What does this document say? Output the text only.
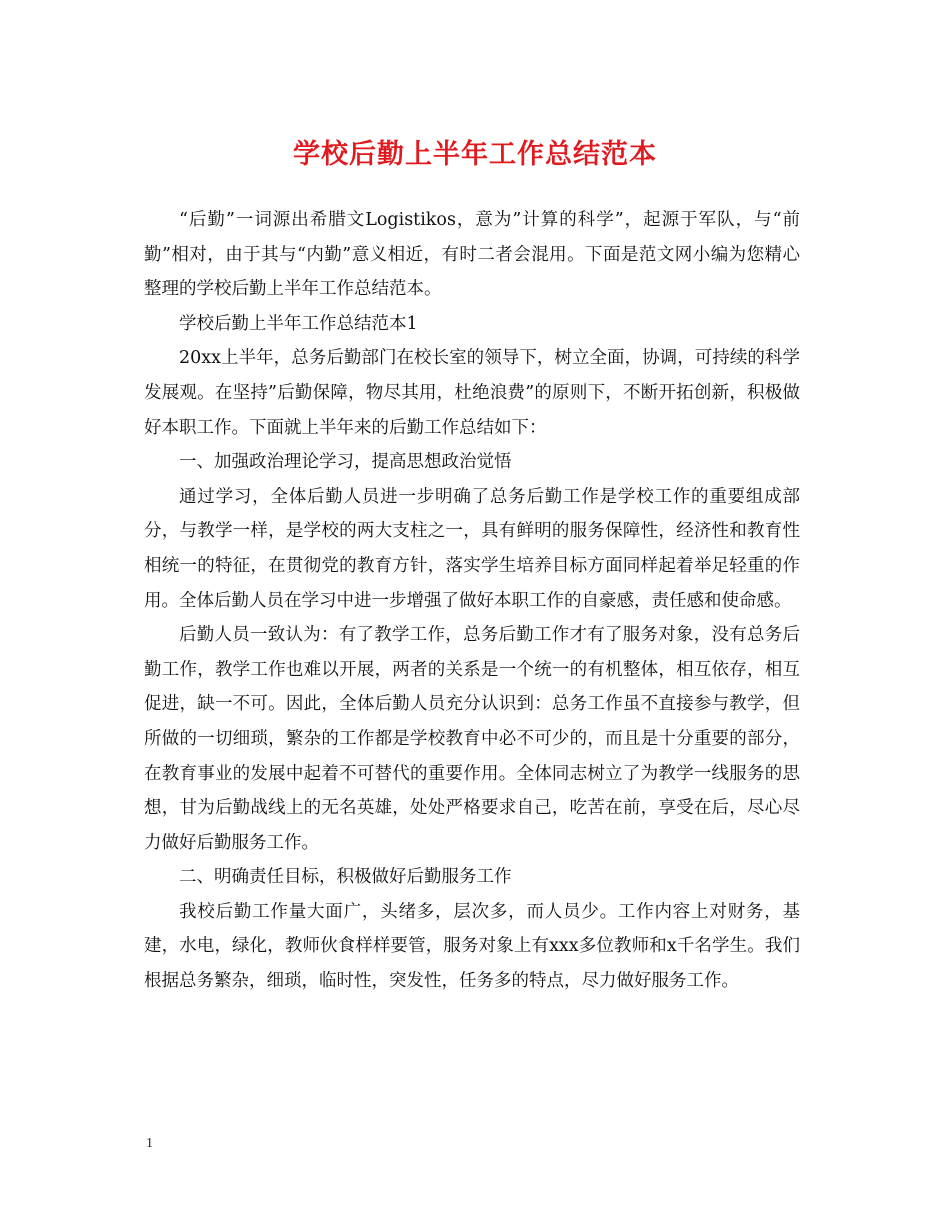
学校后勤上半年工作总结范本

“后勤”一词源出希腊文Logistikos，意为”计算的科学”，起源于军队，与“前勤”相对，由于其与“内勤”意义相近，有时二者会混用。下面是范文网小编为您精心整理的学校后勤上半年工作总结范本。

学校后勤上半年工作总结范本1

20xx上半年，总务后勤部门在校长室的领导下，树立全面，协调，可持续的科学发展观。在坚持”后勤保障，物尽其用，杜绝浪费”的原则下，不断开拓创新，积极做好本职工作。下面就上半年来的后勤工作总结如下：

一、加强政治理论学习，提高思想政治觉悟

通过学习，全体后勤人员进一步明确了总务后勤工作是学校工作的重要组成部分，与教学一样，是学校的两大支柱之一，具有鲜明的服务保障性，经济性和教育性相统一的特征，在贯彻党的教育方针，落实学生培养目标方面同样起着举足轻重的作用。全体后勤人员在学习中进一步增强了做好本职工作的自豪感，责任感和使命感。

后勤人员一致认为：有了教学工作，总务后勤工作才有了服务对象，没有总务后勤工作，教学工作也难以开展，两者的关系是一个统一的有机整体，相互依存，相互促进，缺一不可。因此，全体后勤人员充分认识到：总务工作虽不直接参与教学，但所做的一切细琐，繁杂的工作都是学校教育中必不可少的，而且是十分重要的部分，在教育事业的发展中起着不可替代的重要作用。全体同志树立了为教学一线服务的思想，甘为后勤战线上的无名英雄，处处严格要求自己，吃苦在前，享受在后，尽心尽力做好后勤服务工作。

二、明确责任目标，积极做好后勤服务工作

我校后勤工作量大面广，头绪多，层次多，而人员少。工作内容上对财务，基建，水电，绿化，教师伙食样样要管，服务对象上有xxx多位教师和x千名学生。我们根据总务繁杂，细琐，临时性，突发性，任务多的特点，尽力做好服务工作。

1
